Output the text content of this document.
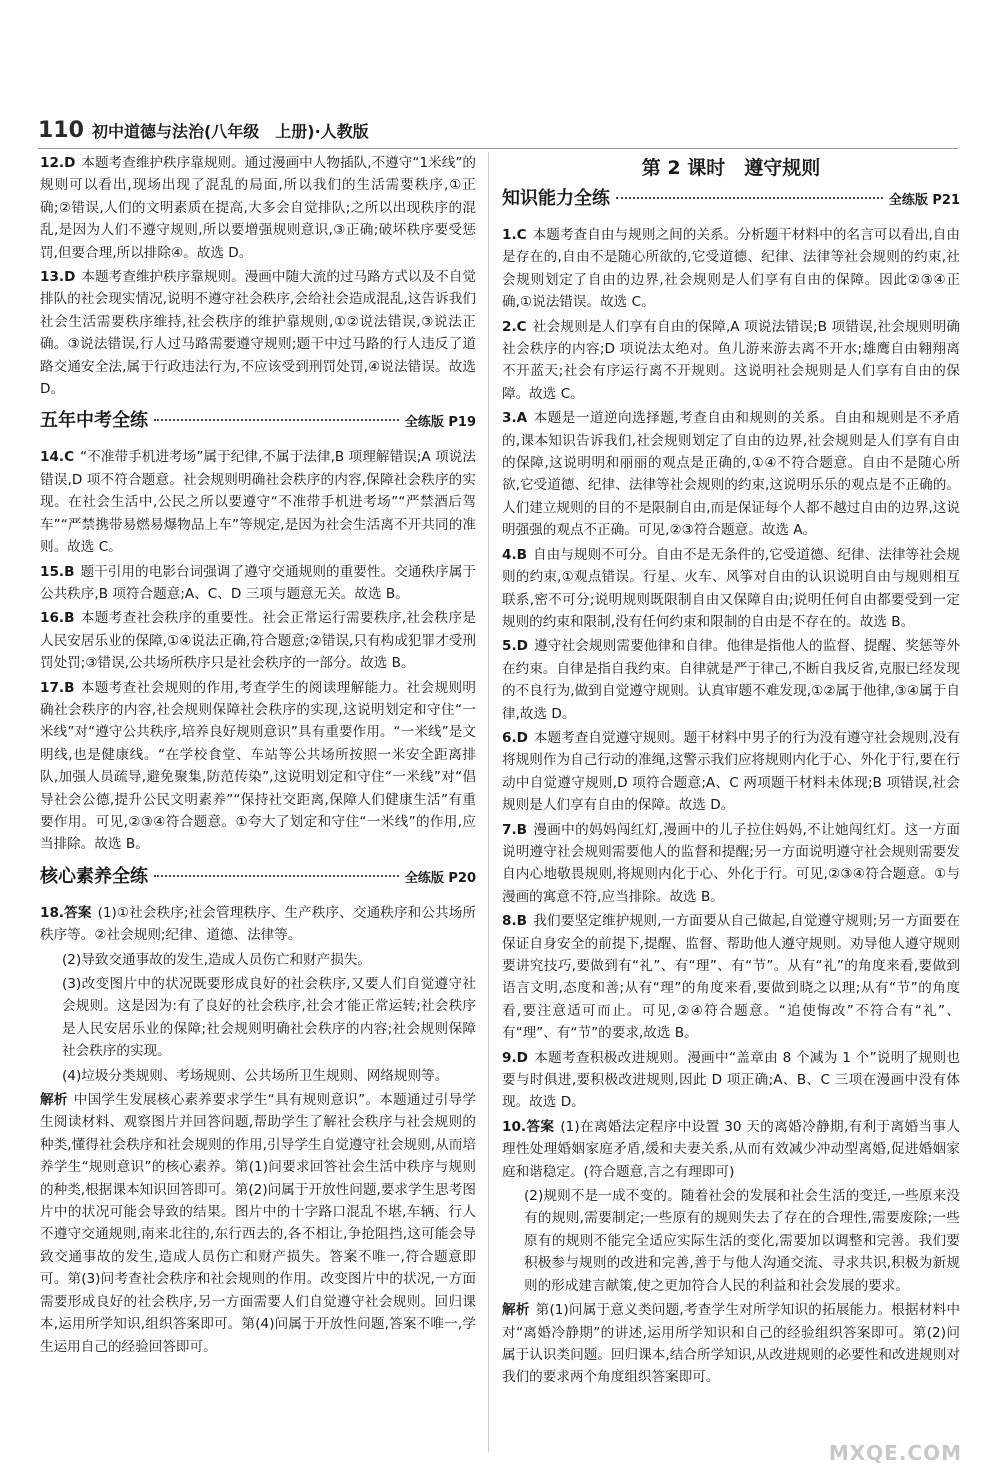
110 初中道德与法治(八年级　上册)·人教版

12.D 本题考查维护秩序靠规则。通过漫画中人物插队,不遵守“1米线”的规则可以看出,现场出现了混乱的局面,所以我们的生活需要秩序,①正确;②错误,人们的文明素质在提高,大多会自觉排队;之所以出现秩序的混乱,是因为人们不遵守规则,所以要增强规则意识,③正确;破坏秩序要受惩罚,但要合理,所以排除④。故选 D。

13.D 本题考查维护秩序靠规则。漫画中随大流的过马路方式以及不自觉排队的社会现实情况,说明不遵守社会秩序,会给社会造成混乱,这告诉我们社会生活需要秩序维持,社会秩序的维护靠规则,①②说法错误,③说法正确。③说法错误,行人过马路需要遵守规则;题干中过马路的行人违反了道路交通安全法,属于行政违法行为,不应该受到刑罚处罚,④说法错误。故选 D。

五年中考全练	全练版 P19

14.C “不准带手机进考场”属于纪律,不属于法律,B 项理解错误;A 项说法错误,D 项不符合题意。社会规则明确社会秩序的内容,保障社会秩序的实现。在社会生活中,公民之所以要遵守“不准带手机进考场”“严禁酒后驾车”“严禁携带易燃易爆物品上车”等规定,是因为社会生活离不开共同的准则。故选 C。

15.B 题干引用的电影台词强调了遵守交通规则的重要性。交通秩序属于公共秩序,B 项符合题意;A、C、D 三项与题意无关。故选 B。

16.B 本题考查社会秩序的重要性。社会正常运行需要秩序,社会秩序是人民安居乐业的保障,①④说法正确,符合题意;②错误,只有构成犯罪才受刑罚处罚;③错误,公共场所秩序只是社会秩序的一部分。故选 B。

17.B 本题考查社会规则的作用,考查学生的阅读理解能力。社会规则明确社会秩序的内容,社会规则保障社会秩序的实现,这说明划定和守住“一米线”对“遵守公共秩序,培养良好规则意识”具有重要作用。“一米线”是文明线,也是健康线。“在学校食堂、车站等公共场所按照一米安全距离排队,加强人员疏导,避免聚集,防范传染”,这说明划定和守住“一米线”对“倡导社会公德,提升公民文明素养”“保持社交距离,保障人们健康生活”有重要作用。可见,②③④符合题意。①夸大了划定和守住“一米线”的作用,应当排除。故选 B。

核心素养全练	全练版 P20

18.答案 (1)①社会秩序;社会管理秩序、生产秩序、交通秩序和公共场所秩序等。②社会规则;纪律、道德、法律等。

(2)导致交通事故的发生,造成人员伤亡和财产损失。

(3)改变图片中的状况既要形成良好的社会秩序,又要人们自觉遵守社会规则。这是因为:有了良好的社会秩序,社会才能正常运转;社会秩序是人民安居乐业的保障;社会规则明确社会秩序的内容;社会规则保障社会秩序的实现。

(4)垃圾分类规则、考场规则、公共场所卫生规则、网络规则等。

解析 中国学生发展核心素养要求学生“具有规则意识”。本题通过引导学生阅读材料、观察图片并回答问题,帮助学生了解社会秩序与社会规则的种类,懂得社会秩序和社会规则的作用,引导学生自觉遵守社会规则,从而培养学生“规则意识”的核心素养。第(1)问要求回答社会生活中秩序与规则的种类,根据课本知识回答即可。第(2)问属于开放性问题,要求学生思考图片中的状况可能会导致的结果。图片中的十字路口混乱不堪,车辆、行人不遵守交通规则,南来北往的,东行西去的,各不相让,争抢阻挡,这可能会导致交通事故的发生,造成人员伤亡和财产损失。答案不唯一,符合题意即可。第(3)问考查社会秩序和社会规则的作用。改变图片中的状况,一方面需要形成良好的社会秩序,另一方面需要人们自觉遵守社会规则。回归课本,运用所学知识,组织答案即可。第(4)问属于开放性问题,答案不唯一,学生运用自己的经验回答即可。

第 2 课时　遵守规则
知识能力全练	全练版 P21

1.C 本题考查自由与规则之间的关系。分析题干材料中的名言可以看出,自由是存在的,自由不是随心所欲的,它受道德、纪律、法律等社会规则的约束,社会规则划定了自由的边界,社会规则是人们享有自由的保障。因此②③④正确,①说法错误。故选 C。

2.C 社会规则是人们享有自由的保障,A 项说法错误;B 项错误,社会规则明确社会秩序的内容;D 项说法太绝对。鱼儿游来游去离不开水;雄鹰自由翱翔离不开蓝天;社会有序运行离不开规则。这说明社会规则是人们享有自由的保障。故选 C。

3.A 本题是一道逆向选择题,考查自由和规则的关系。自由和规则是不矛盾的,课本知识告诉我们,社会规则划定了自由的边界,社会规则是人们享有自由的保障,这说明明和丽丽的观点是正确的,①④不符合题意。自由不是随心所欲,它受道德、纪律、法律等社会规则的约束,这说明乐乐的观点是不正确的。人们建立规则的目的不是限制自由,而是保证每个人都不越过自由的边界,这说明强强的观点不正确。可见,②③符合题意。故选 A。

4.B 自由与规则不可分。自由不是无条件的,它受道德、纪律、法律等社会规则的约束,①观点错误。行星、火车、风筝对自由的认识说明自由与规则相互联系,密不可分;说明规则既限制自由又保障自由;说明任何自由都要受到一定规则的约束和限制,没有任何约束和限制的自由是不存在的。故选 B。

5.D 遵守社会规则需要他律和自律。他律是指他人的监督、提醒、奖惩等外在约束。自律是指自我约束。自律就是严于律己,不断自我反省,克服已经发现的不良行为,做到自觉遵守规则。认真审题不难发现,①②属于他律,③④属于自律,故选 D。

6.D 本题考查自觉遵守规则。题干材料中男子的行为没有遵守社会规则,没有将规则作为自己行动的准绳,这警示我们应将规则内化于心、外化于行,要在行动中自觉遵守规则,D 项符合题意;A、C 两项题干材料未体现;B 项错误,社会规则是人们享有自由的保障。故选 D。

7.B 漫画中的妈妈闯红灯,漫画中的儿子拉住妈妈,不让她闯红灯。这一方面说明遵守社会规则需要他人的监督和提醒;另一方面说明遵守社会规则需要发自内心地敬畏规则,将规则内化于心、外化于行。可见,②③④符合题意。①与漫画的寓意不符,应当排除。故选 B。

8.B 我们要坚定维护规则,一方面要从自己做起,自觉遵守规则;另一方面要在保证自身安全的前提下,提醒、监督、帮助他人遵守规则。劝导他人遵守规则要讲究技巧,要做到有“礼”、有“理”、有“节”。从有“礼”的角度来看,要做到语言文明,态度和善;从有“理”的角度来看,要做到晓之以理;从有“节”的角度看,要注意适可而止。可见,②④符合题意。“追使悔改”不符合有“礼”、有“理”、有“节”的要求,故选 B。

9.D 本题考查积极改进规则。漫画中“盖章由 8 个减为 1 个”说明了规则也要与时俱进,要积极改进规则,因此 D 项正确;A、B、C 三项在漫画中没有体现。故选 D。

10.答案 (1)在离婚法定程序中设置 30 天的离婚冷静期,有利于离婚当事人理性处理婚姻家庭矛盾,缓和夫妻关系,从而有效减少冲动型离婚,促进婚姻家庭和谐稳定。(符合题意,言之有理即可)

(2)规则不是一成不变的。随着社会的发展和社会生活的变迁,一些原来没有的规则,需要制定;一些原有的规则失去了存在的合理性,需要废除;一些原有的规则不能完全适应实际生活的变化,需要加以调整和完善。我们要积极参与规则的改进和完善,善于与他人沟通交流、寻求共识,积极为新规则的形成建言献策,使之更加符合人民的利益和社会发展的要求。

解析 第(1)问属于意义类问题,考查学生对所学知识的拓展能力。根据材料中对“离婚冷静期”的讲述,运用所学知识和自己的经验组织答案即可。第(2)问属于认识类问题。回归课本,结合所学知识,从改进规则的必要性和改进规则对我们的要求两个角度组织答案即可。

MXQE.COM
